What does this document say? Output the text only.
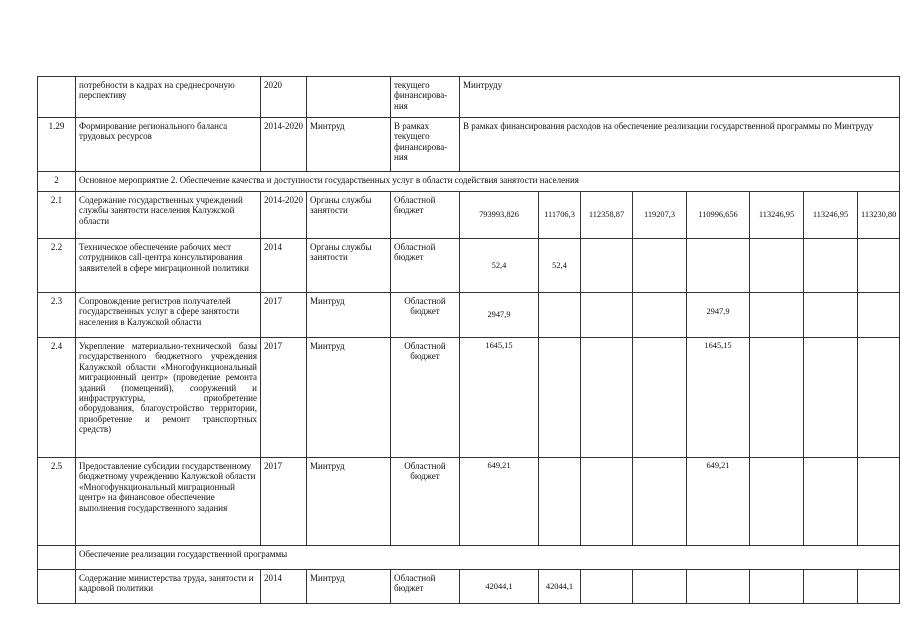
	потребности в кадрах на среднесрочную перспективу	2020		текущего финансирова-ния	Минтруду							
1.29	Формирование регионального баланса трудовых ресурсов	2014-2020	Минтруд	В рамках текущего финансирова-ния	В рамках финансирования расходов на обеспечение реализации государственной программы по Минтруду							
2	Основное мероприятие 2. Обеспечение качества и доступности государственных услуг в области содействия занятости населения											
2.1	Содержание государственных учреждений службы занятости населения Калужской области	2014-2020	Органы службы занятости	Областной бюджет	793993,826	111706,3	112358,87	119207,3	110996,656	113246,95	113246,95	113230,80
2.2	Техническое обеспечение рабочих мест сотрудников call-центра консультирования заявителей в сфере миграционной политики	2014	Органы службы занятости	Областной бюджет	52,4	52,4						
2.3	Сопровождение регистров получателей государственных услуг в сфере занятости населения в Калужской области	2017	Минтруд	Областной бюджет	2947,9				2947,9			
2.4	Укрепление материально-технической базы государственного бюджетного учреждения Калужской области «Многофункциональный миграционный центр» (проведение ремонта зданий (помещений), сооружений и инфраструктуры, приобретение оборудования, благоустройство территории, приобретение и ремонт транспортных средств)	2017	Минтруд	Областной бюджет	1645,15				1645,15			
2.5	Предоставление субсидии государственному бюджетному учреждению Калужской области «Многофункциональный миграционный центр» на финансовое обеспечение выполнения государственного задания	2017	Минтруд	Областной бюджет	649,21				649,21			
	Обеспечение реализации государственной программы											
	Содержание министерства труда, занятости и кадровой политики	2014	Минтруд	Областной бюджет	42044,1	42044,1						
